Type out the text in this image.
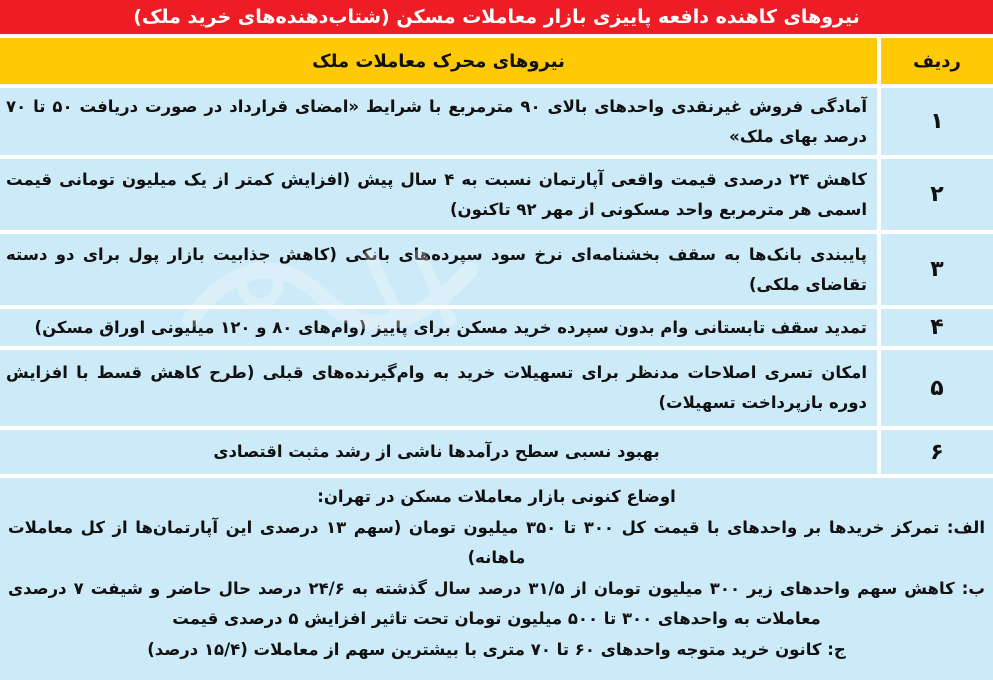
نیروهای کاهنده دافعه پاییزی بازار معاملات مسکن (شتاب‌دهنده‌های خرید ملک)
ردیف
نیروهای محرک معاملات ملک
۱
آمادگی فروش غیرنقدی واحدهای بالای ۹۰ مترمربع با شرایط «امضای قرارداد در صورت دریافت ۵۰ تا ۷۰ درصد بهای ملک»
۲
کاهش ۲۴ درصدی قیمت واقعی آپارتمان نسبت به ۴ سال پیش (افزایش کمتر از یک میلیون تومانی قیمت اسمی هر مترمربع واحد مسکونی از مهر ۹۲ تاکنون)
۳
پایبندی بانک‌ها به سقف بخشنامه‌ای نرخ سود سپرده‌های بانکی (کاهش جذابیت بازار پول برای دو دسته تقاضای ملکی)
۴
تمدید سقف تابستانی وام بدون سپرده خرید مسکن برای پاییز (وام‌های ۸۰ و ۱۲۰ میلیونی اوراق مسکن)
۵
امکان تسری اصلاحات مدنظر برای تسهیلات خرید به وام‌گیرنده‌های قبلی (طرح کاهش قسط با افزایش دوره بازپرداخت تسهیلات)
۶
بهبود نسبی سطح درآمدها ناشی از رشد مثبت اقتصادی
اوضاع کنونی بازار معاملات مسکن در تهران:
الف: تمرکز خریدها بر واحدهای با قیمت کل ۳۰۰ تا ۳۵۰ میلیون تومان (سهم ۱۳ درصدی این آپارتمان‌ها از کل معاملات ماهانه)
ب: کاهش سهم واحدهای زیر ۳۰۰ میلیون تومان از ۳۱/۵ درصد سال گذشته به ۲۴/۶ درصد حال حاضر و شیفت ۷ درصدی معاملات به واحدهای ۳۰۰ تا ۵۰۰ میلیون تومان تحت تاثیر افزایش ۵ درصدی قیمت
ج: کانون خرید متوجه واحدهای ۶۰ تا ۷۰ متری با بیشترین سهم از معاملات (۱۵/۴ درصد)
